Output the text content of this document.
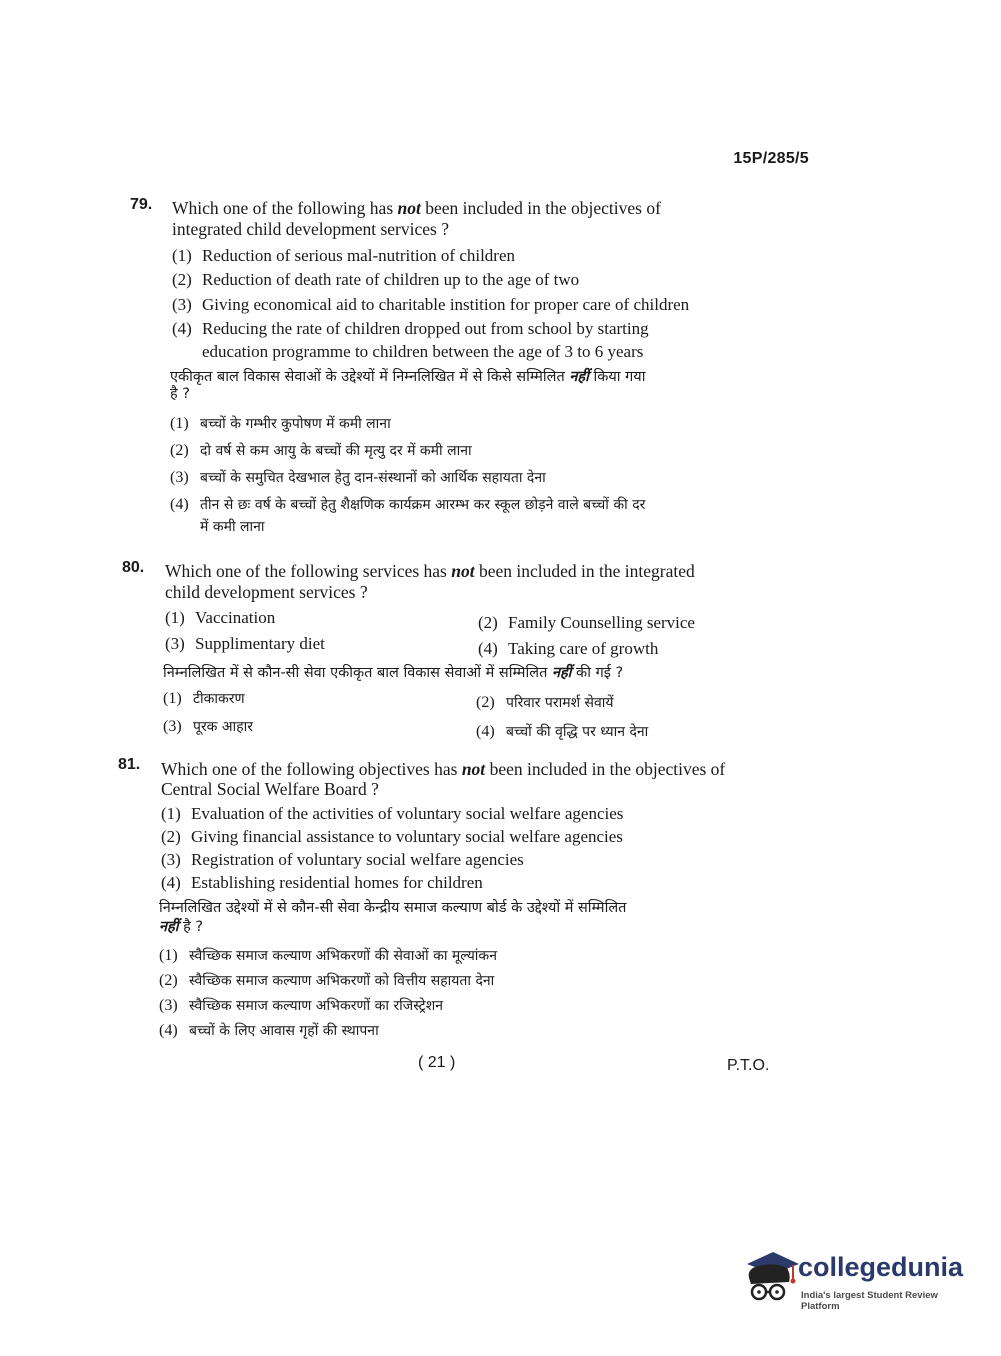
15P/285/5
79. Which one of the following has not been included in the objectives of
integrated child development services ?
(1) Reduction of serious mal-nutrition of children
(2) Reduction of death rate of children up to the age of two
(3) Giving economical aid to charitable instition for proper care of children
(4) Reducing the rate of children dropped out from school by starting
education programme to children between the age of 3 to 6 years
एकीकृत बाल विकास सेवाओं के उद्देश्यों में निम्नलिखित में से किसे सम्मिलित नहीं किया गया
है ?
(1) बच्चों के गम्भीर कुपोषण में कमी लाना
(2) दो वर्ष से कम आयु के बच्चों की मृत्यु दर में कमी लाना
(3) बच्चों के समुचित देखभाल हेतु दान-संस्थानों को आर्थिक सहायता देना
(4) तीन से छः वर्ष के बच्चों हेतु शैक्षणिक कार्यक्रम आरम्भ कर स्कूल छोड़ने वाले बच्चों की दर
में कमी लाना
80. Which one of the following services has not been included in the integrated
child development services ?
(1) Vaccination	(2) Family Counselling service
(3) Supplimentary diet	(4) Taking care of growth
निम्नलिखित में से कौन-सी सेवा एकीकृत बाल विकास सेवाओं में सम्मिलित नहीं की गई ?
(1) टीकाकरण	(2) परिवार परामर्श सेवायें
(3) पूरक आहार	(4) बच्चों की वृद्धि पर ध्यान देना
81. Which one of the following objectives has not been included in the objectives of
Central Social Welfare Board ?
(1) Evaluation of the activities of voluntary social welfare agencies
(2) Giving financial assistance to voluntary social welfare agencies
(3) Registration of voluntary social welfare agencies
(4) Establishing residential homes for children
निम्नलिखित उद्देश्यों में से कौन-सी सेवा केन्द्रीय समाज कल्याण बोर्ड के उद्देश्यों में सम्मिलित
नहीं है ?
(1) स्वैच्छिक समाज कल्याण अभिकरणों की सेवाओं का मूल्यांकन
(2) स्वैच्छिक समाज कल्याण अभिकरणों को वित्तीय सहायता देना
(3) स्वैच्छिक समाज कल्याण अभिकरणों का रजिस्ट्रेशन
(4) बच्चों के लिए आवास गृहों की स्थापना
( 21 )	P.T.O.
collegedunia
India's largest Student Review Platform
